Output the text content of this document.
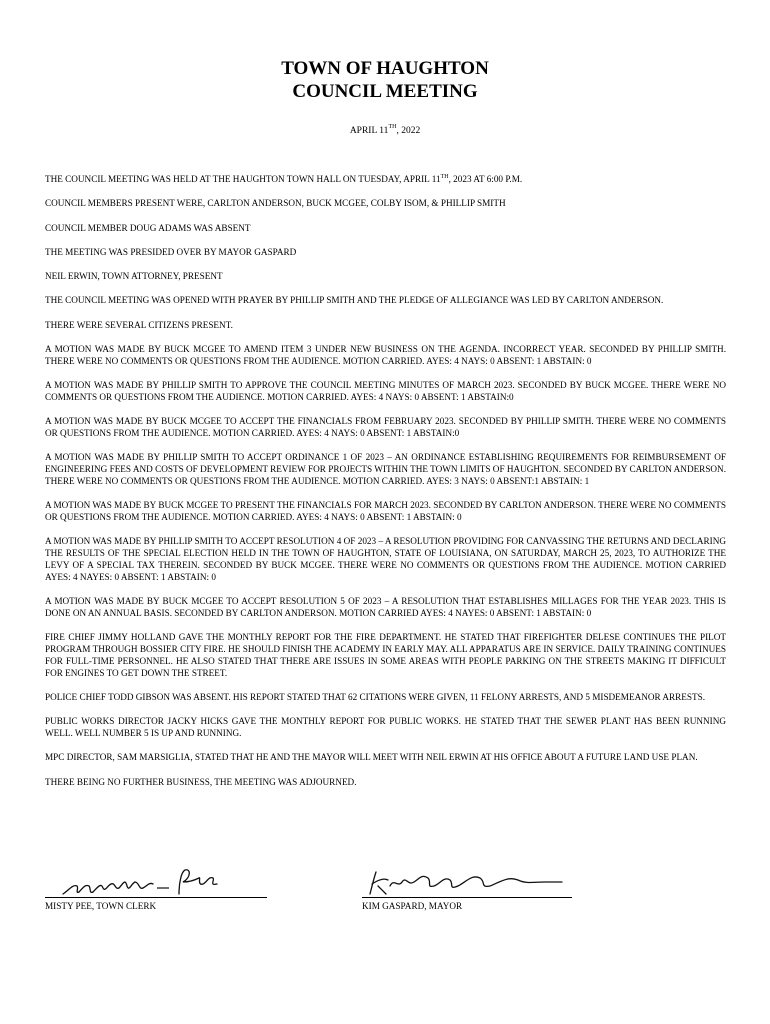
TOWN OF HAUGHTON
COUNCIL MEETING
APRIL 11TH, 2022

THE COUNCIL MEETING WAS HELD AT THE HAUGHTON TOWN HALL ON TUESDAY, APRIL 11TH, 2023 AT 6:00 P.M.

COUNCIL MEMBERS PRESENT WERE, CARLTON ANDERSON, BUCK MCGEE, COLBY ISOM, & PHILLIP SMITH

COUNCIL MEMBER DOUG ADAMS WAS ABSENT

THE MEETING WAS PRESIDED OVER BY MAYOR GASPARD

NEIL ERWIN, TOWN ATTORNEY, PRESENT

THE COUNCIL MEETING WAS OPENED WITH PRAYER BY PHILLIP SMITH AND THE PLEDGE OF ALLEGIANCE WAS LED BY CARLTON ANDERSON.

THERE WERE SEVERAL CITIZENS PRESENT.

A MOTION WAS MADE BY BUCK MCGEE TO AMEND ITEM 3 UNDER NEW BUSINESS ON THE AGENDA. INCORRECT YEAR. SECONDED BY PHILLIP SMITH. THERE WERE NO COMMENTS OR QUESTIONS FROM THE AUDIENCE. MOTION CARRIED. AYES: 4 NAYS: 0 ABSENT: 1 ABSTAIN: 0

A MOTION WAS MADE BY PHILLIP SMITH TO APPROVE THE COUNCIL MEETING MINUTES OF MARCH 2023. SECONDED BY BUCK MCGEE. THERE WERE NO COMMENTS OR QUESTIONS FROM THE AUDIENCE. MOTION CARRIED. AYES: 4 NAYS: 0 ABSENT: 1 ABSTAIN:0

A MOTION WAS MADE BY BUCK MCGEE TO ACCEPT THE FINANCIALS FROM FEBRUARY 2023. SECONDED BY PHILLIP SMITH. THERE WERE NO COMMENTS OR QUESTIONS FROM THE AUDIENCE. MOTION CARRIED. AYES: 4 NAYS: 0 ABSENT: 1 ABSTAIN:0

A MOTION WAS MADE BY PHILLIP SMITH TO ACCEPT ORDINANCE 1 OF 2023 – AN ORDINANCE ESTABLISHING REQUIREMENTS FOR REIMBURSEMENT OF ENGINEERING FEES AND COSTS OF DEVELOPMENT REVIEW FOR PROJECTS WITHIN THE TOWN LIMITS OF HAUGHTON. SECONDED BY CARLTON ANDERSON. THERE WERE NO COMMENTS OR QUESTIONS FROM THE AUDIENCE. MOTION CARRIED. AYES: 3 NAYS: 0 ABSENT:1 ABSTAIN: 1

A MOTION WAS MADE BY BUCK MCGEE TO PRESENT THE FINANCIALS FOR MARCH 2023. SECONDED BY CARLTON ANDERSON. THERE WERE NO COMMENTS OR QUESTIONS FROM THE AUDIENCE. MOTION CARRIED. AYES: 4 NAYS: 0 ABSENT: 1 ABSTAIN: 0

A MOTION WAS MADE BY PHILLIP SMITH TO ACCEPT RESOLUTION 4 OF 2023 – A RESOLUTION PROVIDING FOR CANVASSING THE RETURNS AND DECLARING THE RESULTS OF THE SPECIAL ELECTION HELD IN THE TOWN OF HAUGHTON, STATE OF LOUISIANA, ON SATURDAY, MARCH 25, 2023, TO AUTHORIZE THE LEVY OF A SPECIAL TAX THEREIN. SECONDED BY BUCK MCGEE. THERE WERE NO COMMENTS OR QUESTIONS FROM THE AUDIENCE. MOTION CARRIED AYES: 4 NAYES: 0 ABSENT: 1 ABSTAIN: 0

A MOTION WAS MADE BY BUCK MCGEE TO ACCEPT RESOLUTION 5 OF 2023 – A RESOLUTION THAT ESTABLISHES MILLAGES FOR THE YEAR 2023. THIS IS DONE ON AN ANNUAL BASIS. SECONDED BY CARLTON ANDERSON. MOTION CARRIED AYES: 4 NAYES: 0 ABSENT: 1 ABSTAIN: 0

FIRE CHIEF JIMMY HOLLAND GAVE THE MONTHLY REPORT FOR THE FIRE DEPARTMENT. HE STATED THAT FIREFIGHTER DELESE CONTINUES THE PILOT PROGRAM THROUGH BOSSIER CITY FIRE. HE SHOULD FINISH THE ACADEMY IN EARLY MAY. ALL APPARATUS ARE IN SERVICE. DAILY TRAINING CONTINUES FOR FULL-TIME PERSONNEL. HE ALSO STATED THAT THERE ARE ISSUES IN SOME AREAS WITH PEOPLE PARKING ON THE STREETS MAKING IT DIFFICULT FOR ENGINES TO GET DOWN THE STREET.

POLICE CHIEF TODD GIBSON WAS ABSENT. HIS REPORT STATED THAT 62 CITATIONS WERE GIVEN, 11 FELONY ARRESTS, AND 5 MISDEMEANOR ARRESTS.

PUBLIC WORKS DIRECTOR JACKY HICKS GAVE THE MONTHLY REPORT FOR PUBLIC WORKS. HE STATED THAT THE SEWER PLANT HAS BEEN RUNNING WELL. WELL NUMBER 5 IS UP AND RUNNING.

MPC DIRECTOR, SAM MARSIGLIA, STATED THAT HE AND THE MAYOR WILL MEET WITH NEIL ERWIN AT HIS OFFICE ABOUT A FUTURE LAND USE PLAN.

THERE BEING NO FURTHER BUSINESS, THE MEETING WAS ADJOURNED.

MISTY PEE, TOWN CLERK	KIM GASPARD, MAYOR
